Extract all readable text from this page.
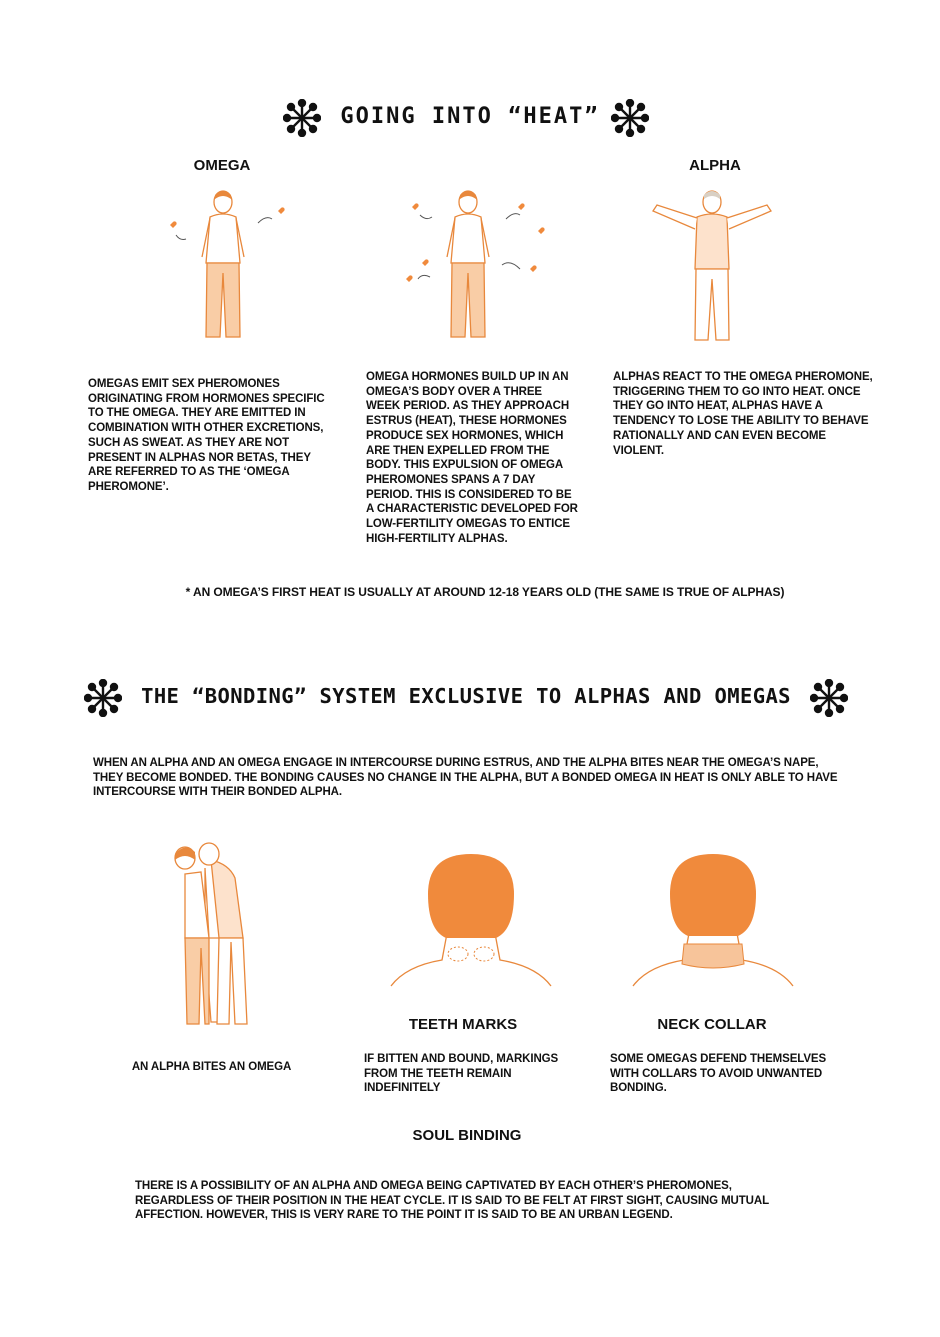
GOING INTO “HEAT”
OMEGA	ALPHA
OMEGAS EMIT SEX PHEROMONES ORIGINATING FROM HORMONES SPECIFIC TO THE OMEGA. THEY ARE EMITTED IN COMBINATION WITH OTHER EXCRETIONS, SUCH AS SWEAT. AS THEY ARE NOT PRESENT IN ALPHAS NOR BETAS, THEY ARE REFERRED TO AS THE ‘OMEGA PHEROMONE’.
OMEGA HORMONES BUILD UP IN AN OMEGA’S BODY OVER A THREE WEEK PERIOD. AS THEY APPROACH ESTRUS (HEAT), THESE HORMONES PRODUCE SEX HORMONES, WHICH ARE THEN EXPELLED FROM THE BODY. THIS EXPULSION OF OMEGA PHEROMONES SPANS A 7 DAY PERIOD. THIS IS CONSIDERED TO BE A CHARACTERISTIC DEVELOPED FOR LOW-FERTILITY OMEGAS TO ENTICE HIGH-FERTILITY ALPHAS.
ALPHAS REACT TO THE OMEGA PHEROMONE, TRIGGERING THEM TO GO INTO HEAT. ONCE THEY GO INTO HEAT, ALPHAS HAVE A TENDENCY TO LOSE THE ABILITY TO BEHAVE RATIONALLY AND CAN EVEN BECOME VIOLENT.
* AN OMEGA’S FIRST HEAT IS USUALLY AT AROUND 12-18 YEARS OLD (THE SAME IS TRUE OF ALPHAS)
THE “BONDING” SYSTEM EXCLUSIVE TO ALPHAS AND OMEGAS
WHEN AN ALPHA AND AN OMEGA ENGAGE IN INTERCOURSE DURING ESTRUS, AND THE ALPHA BITES NEAR THE OMEGA’S NAPE, THEY BECOME BONDED. THE BONDING CAUSES NO CHANGE IN THE ALPHA, BUT A BONDED OMEGA IN HEAT IS ONLY ABLE TO HAVE INTERCOURSE WITH THEIR BONDED ALPHA.
TEETH MARKS	NECK COLLAR
AN ALPHA BITES AN OMEGA
IF BITTEN AND BOUND, MARKINGS FROM THE TEETH REMAIN INDEFINITELY
SOME OMEGAS DEFEND THEMSELVES WITH COLLARS TO AVOID UNWANTED BONDING.
SOUL BINDING
THERE IS A POSSIBILITY OF AN ALPHA AND OMEGA BEING CAPTIVATED BY EACH OTHER’S PHEROMONES, REGARDLESS OF THEIR POSITION IN THE HEAT CYCLE. IT IS SAID TO BE FELT AT FIRST SIGHT, CAUSING MUTUAL AFFECTION. HOWEVER, THIS IS VERY RARE TO THE POINT IT IS SAID TO BE AN URBAN LEGEND.
